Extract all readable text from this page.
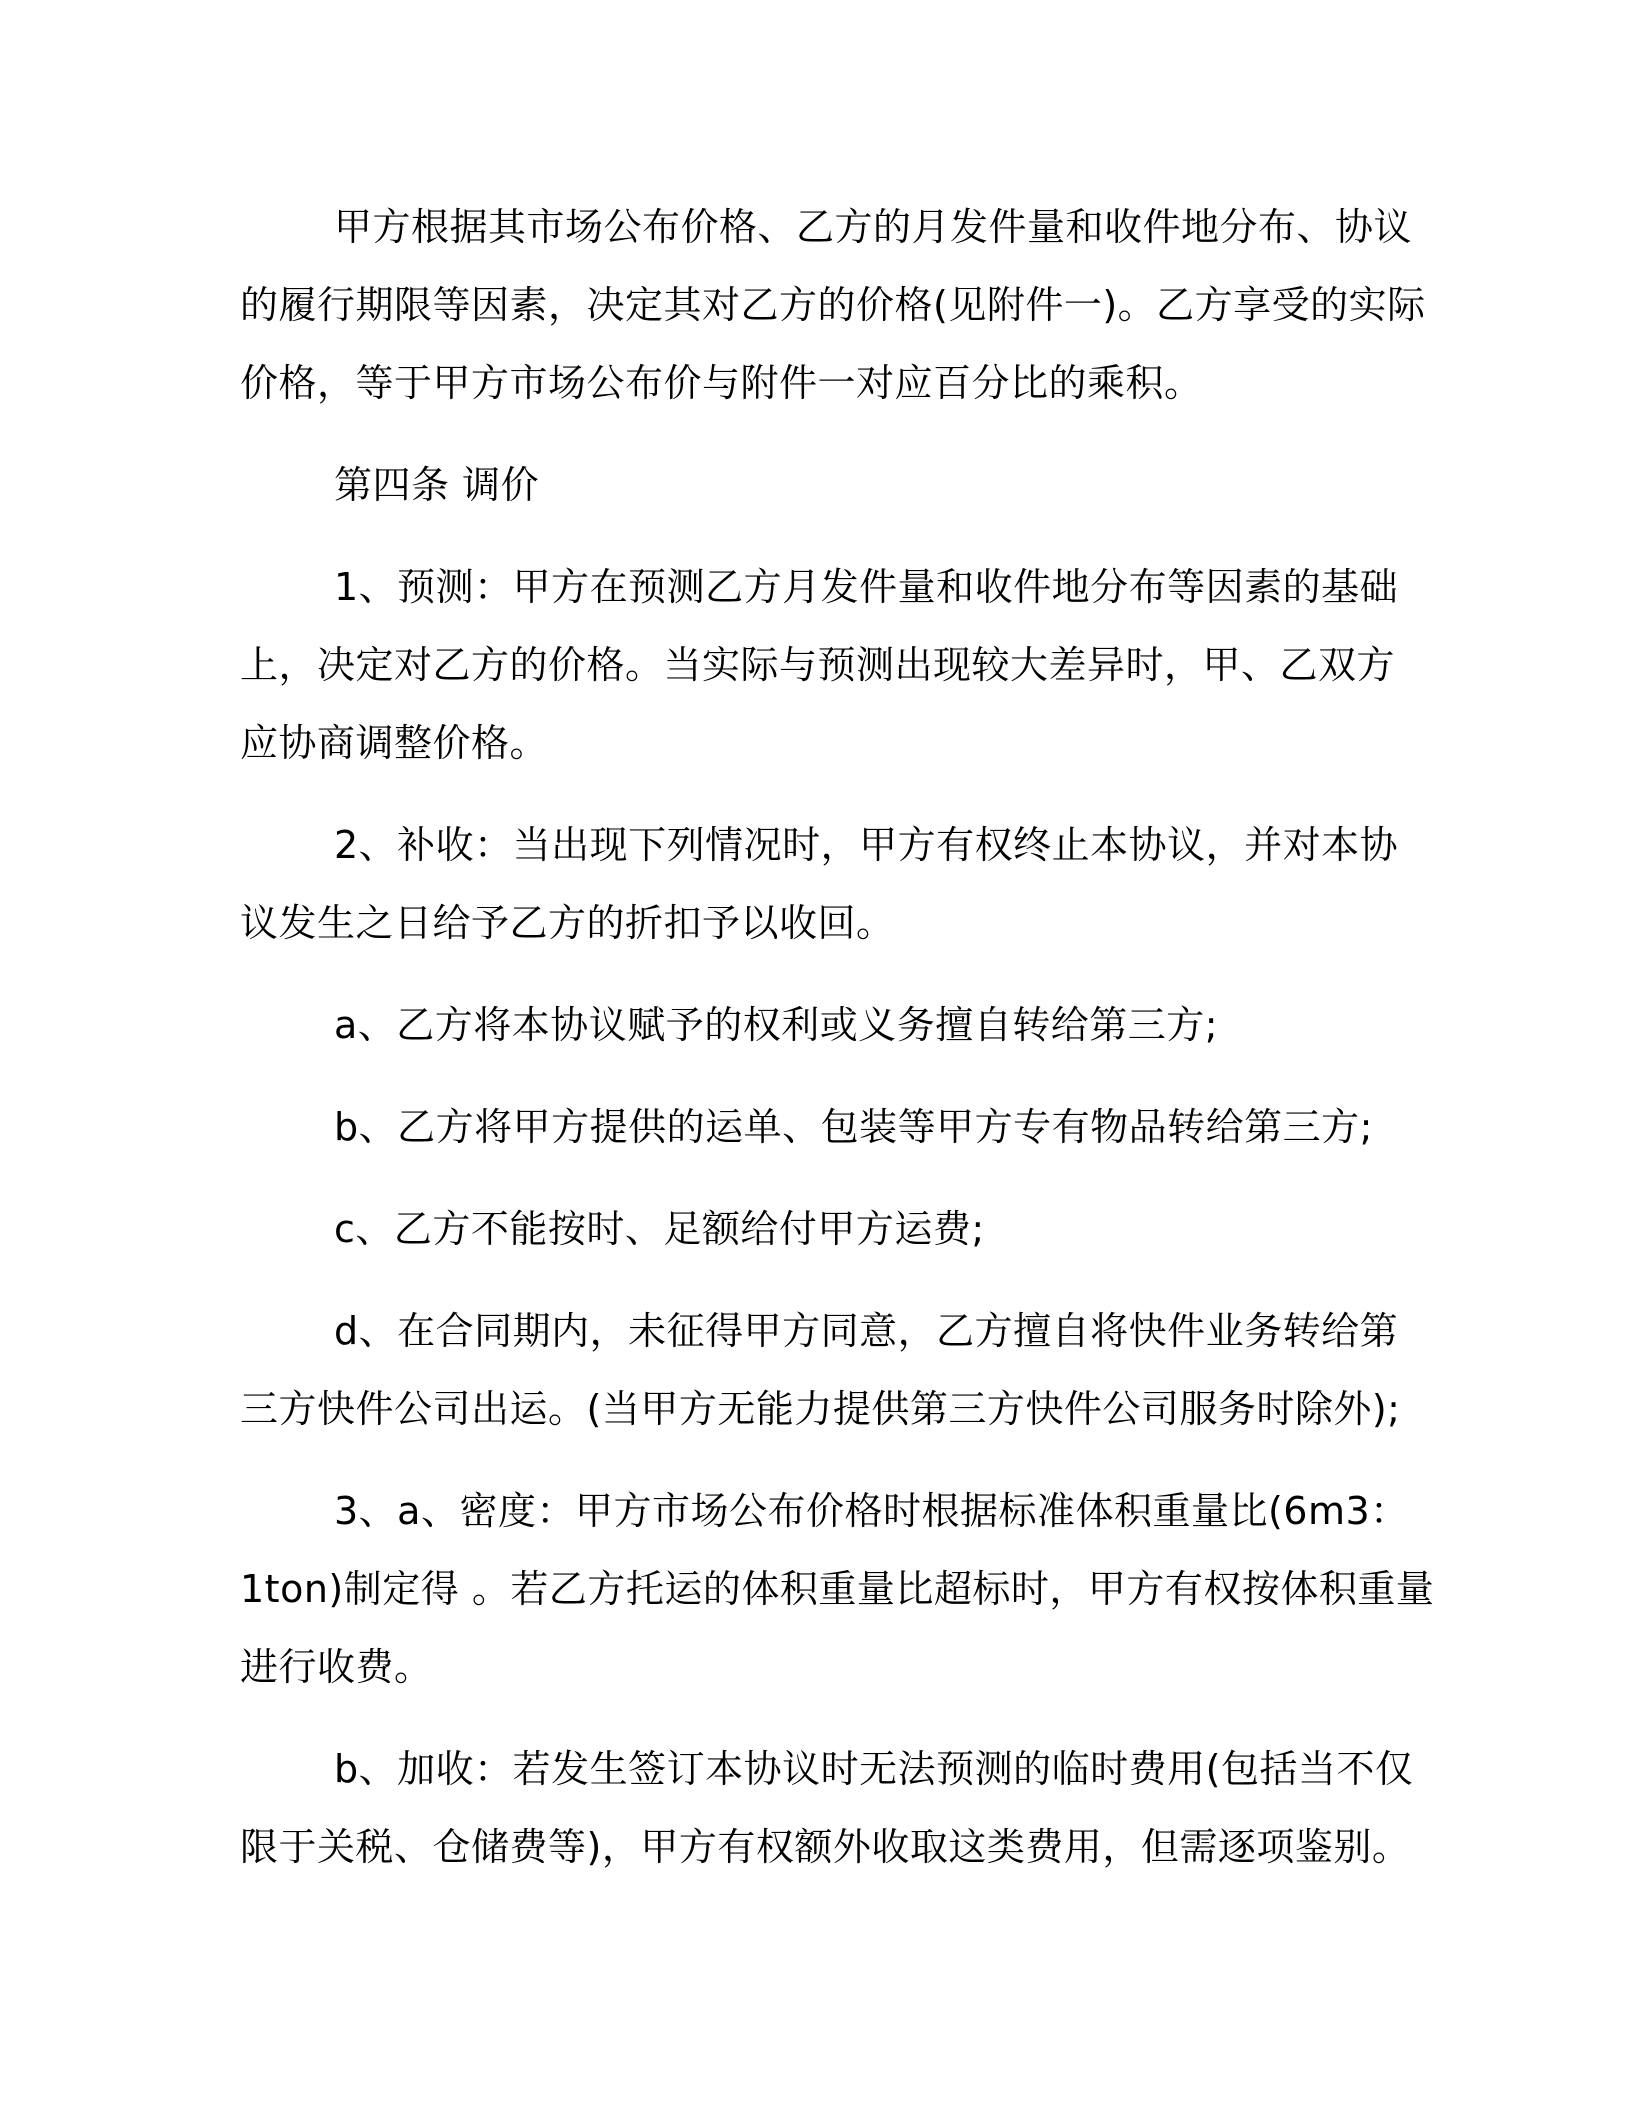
甲方根据其市场公布价格、乙方的月发件量和收件地分布、协议
的履行期限等因素，决定其对乙方的价格(见附件一)。乙方享受的实际
价格，等于甲方市场公布价与附件一对应百分比的乘积。

第四条 调价

1、预测：甲方在预测乙方月发件量和收件地分布等因素的基础
上，决定对乙方的价格。当实际与预测出现较大差异时，甲、乙双方
应协商调整价格。

2、补收：当出现下列情况时，甲方有权终止本协议，并对本协
议发生之日给予乙方的折扣予以收回。

a、乙方将本协议赋予的权利或义务擅自转给第三方;

b、乙方将甲方提供的运单、包装等甲方专有物品转给第三方;

c、乙方不能按时、足额给付甲方运费;

d、在合同期内，未征得甲方同意，乙方擅自将快件业务转给第
三方快件公司出运。(当甲方无能力提供第三方快件公司服务时除外);

3、a、密度：甲方市场公布价格时根据标准体积重量比(6m3：
1ton)制定得 。若乙方托运的体积重量比超标时，甲方有权按体积重量
进行收费。

b、加收：若发生签订本协议时无法预测的临时费用(包括当不仅
限于关税、仓储费等)，甲方有权额外收取这类费用，但需逐项鉴别。
